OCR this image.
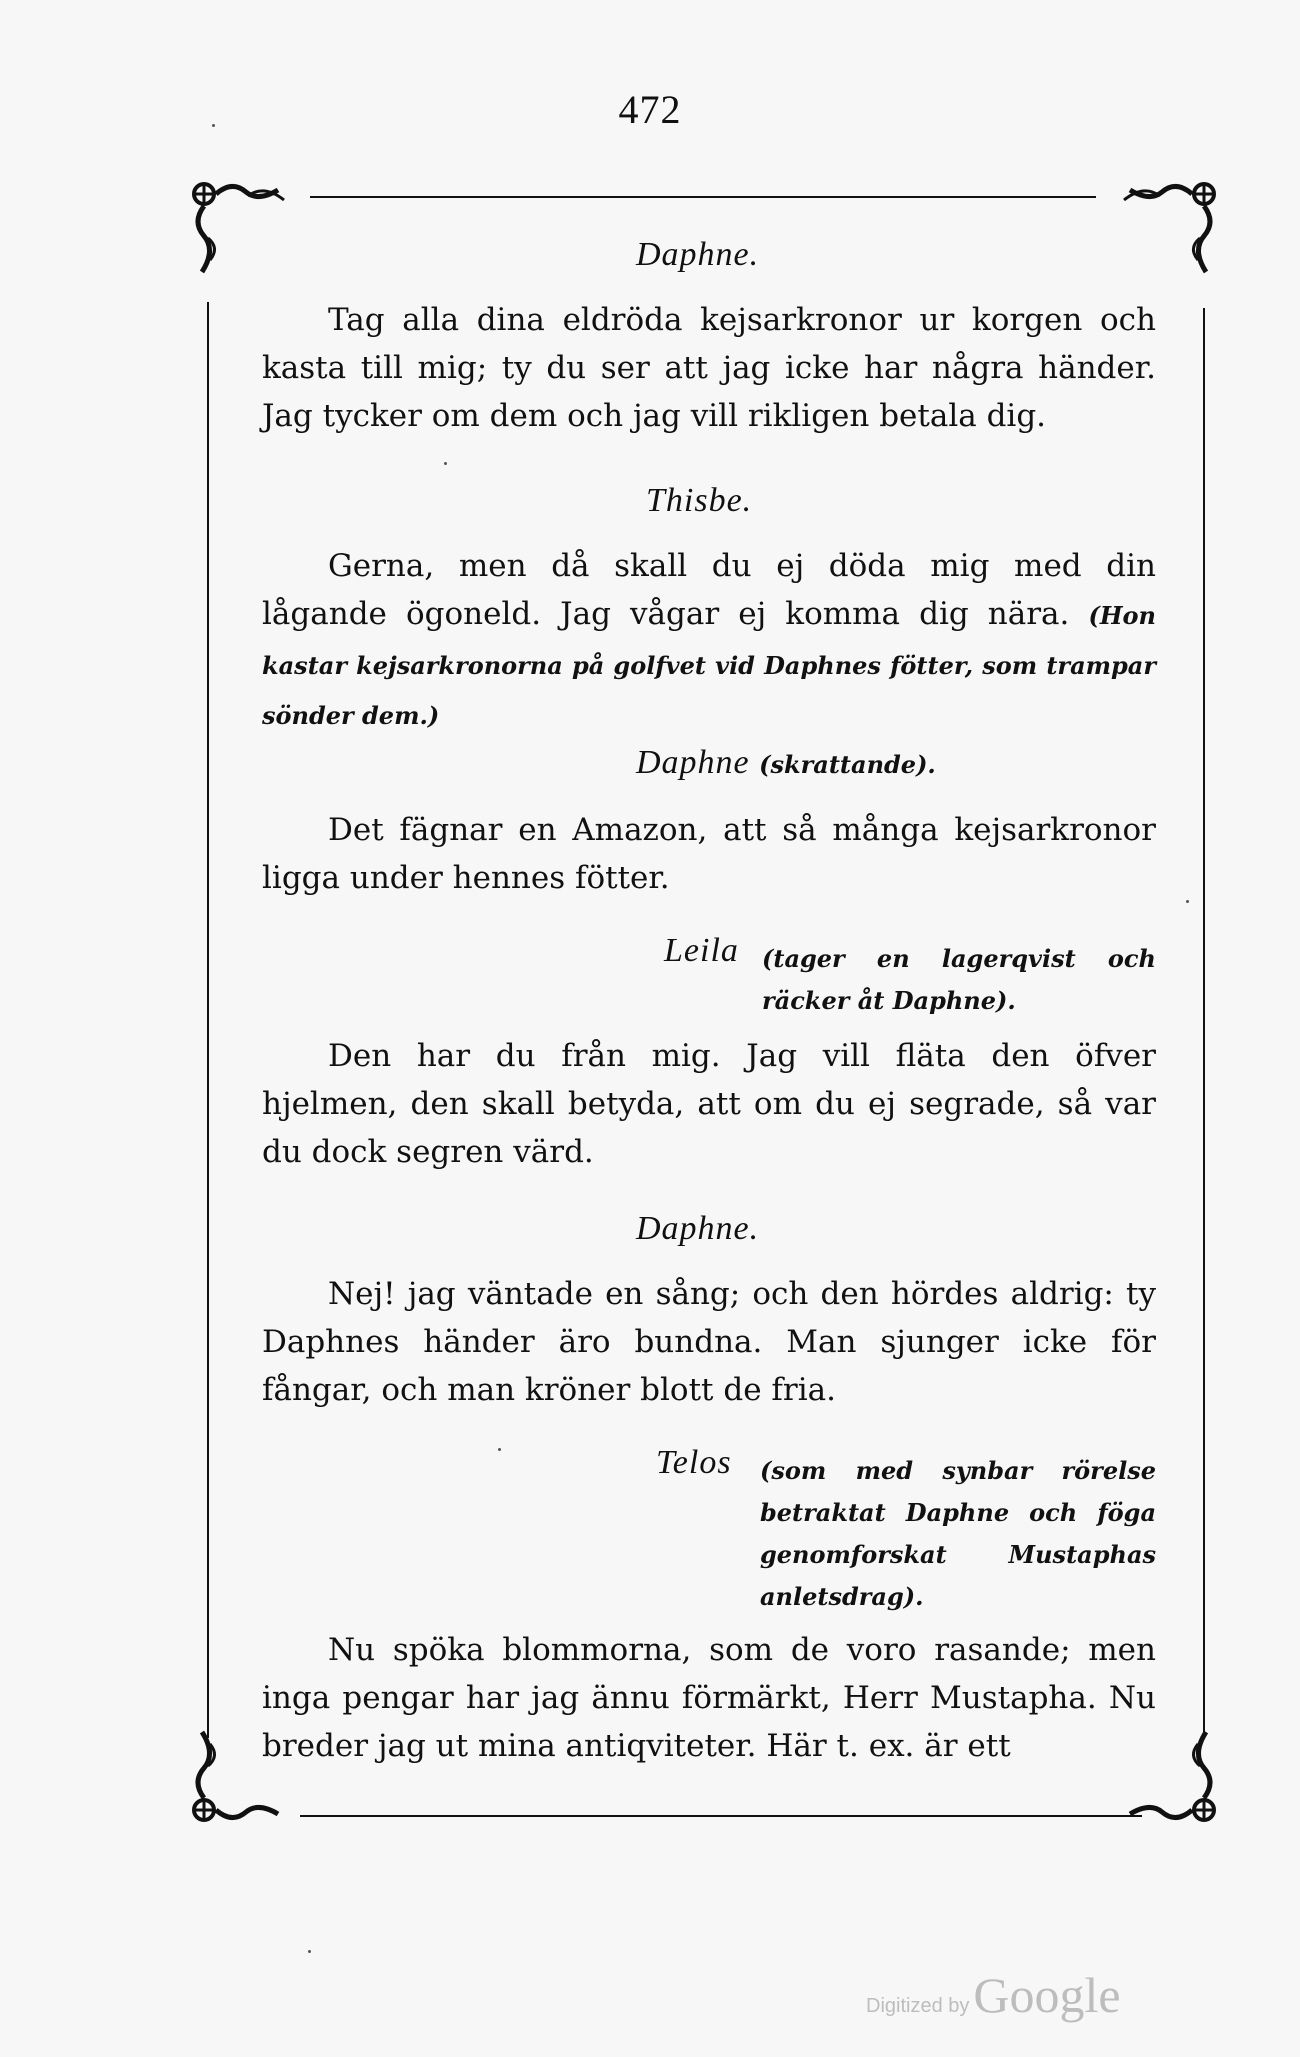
472
Daphne.

Tag alla dina eldröda kejsarkronor ur korgen och kasta till mig; ty du ser att jag icke har några händer. Jag tycker om dem och jag vill rikligen betala dig.

Thisbe.

Gerna, men då skall du ej döda mig med din lågande ögoneld. Jag vågar ej komma dig nära. (Hon kastar kejsarkronorna på golfvet vid Daphnes fötter, som trampar sönder dem.)

Daphne (skrattande).

Det fägnar en Amazon, att så många kejsarkronor ligga under hennes fötter.

Leila (tager en lagerqvist och räcker åt Daphne).

Den har du från mig. Jag vill fläta den öfver hjelmen, den skall betyda, att om du ej segrade, så var du dock segren värd.

Daphne.

Nej! jag väntade en sång; och den hördes aldrig: ty Daphnes händer äro bundna. Man sjunger icke för fångar, och man kröner blott de fria.

Telos (som med synbar rörelse betraktat Daphne och föga genomforskat Mustaphas anletsdrag).

Nu spöka blommorna, som de voro rasande; men inga pengar har jag ännu förmärkt, Herr Mustapha. Nu breder jag ut mina antiqviteter. Här t. ex. är ett

Digitized byGoogle
